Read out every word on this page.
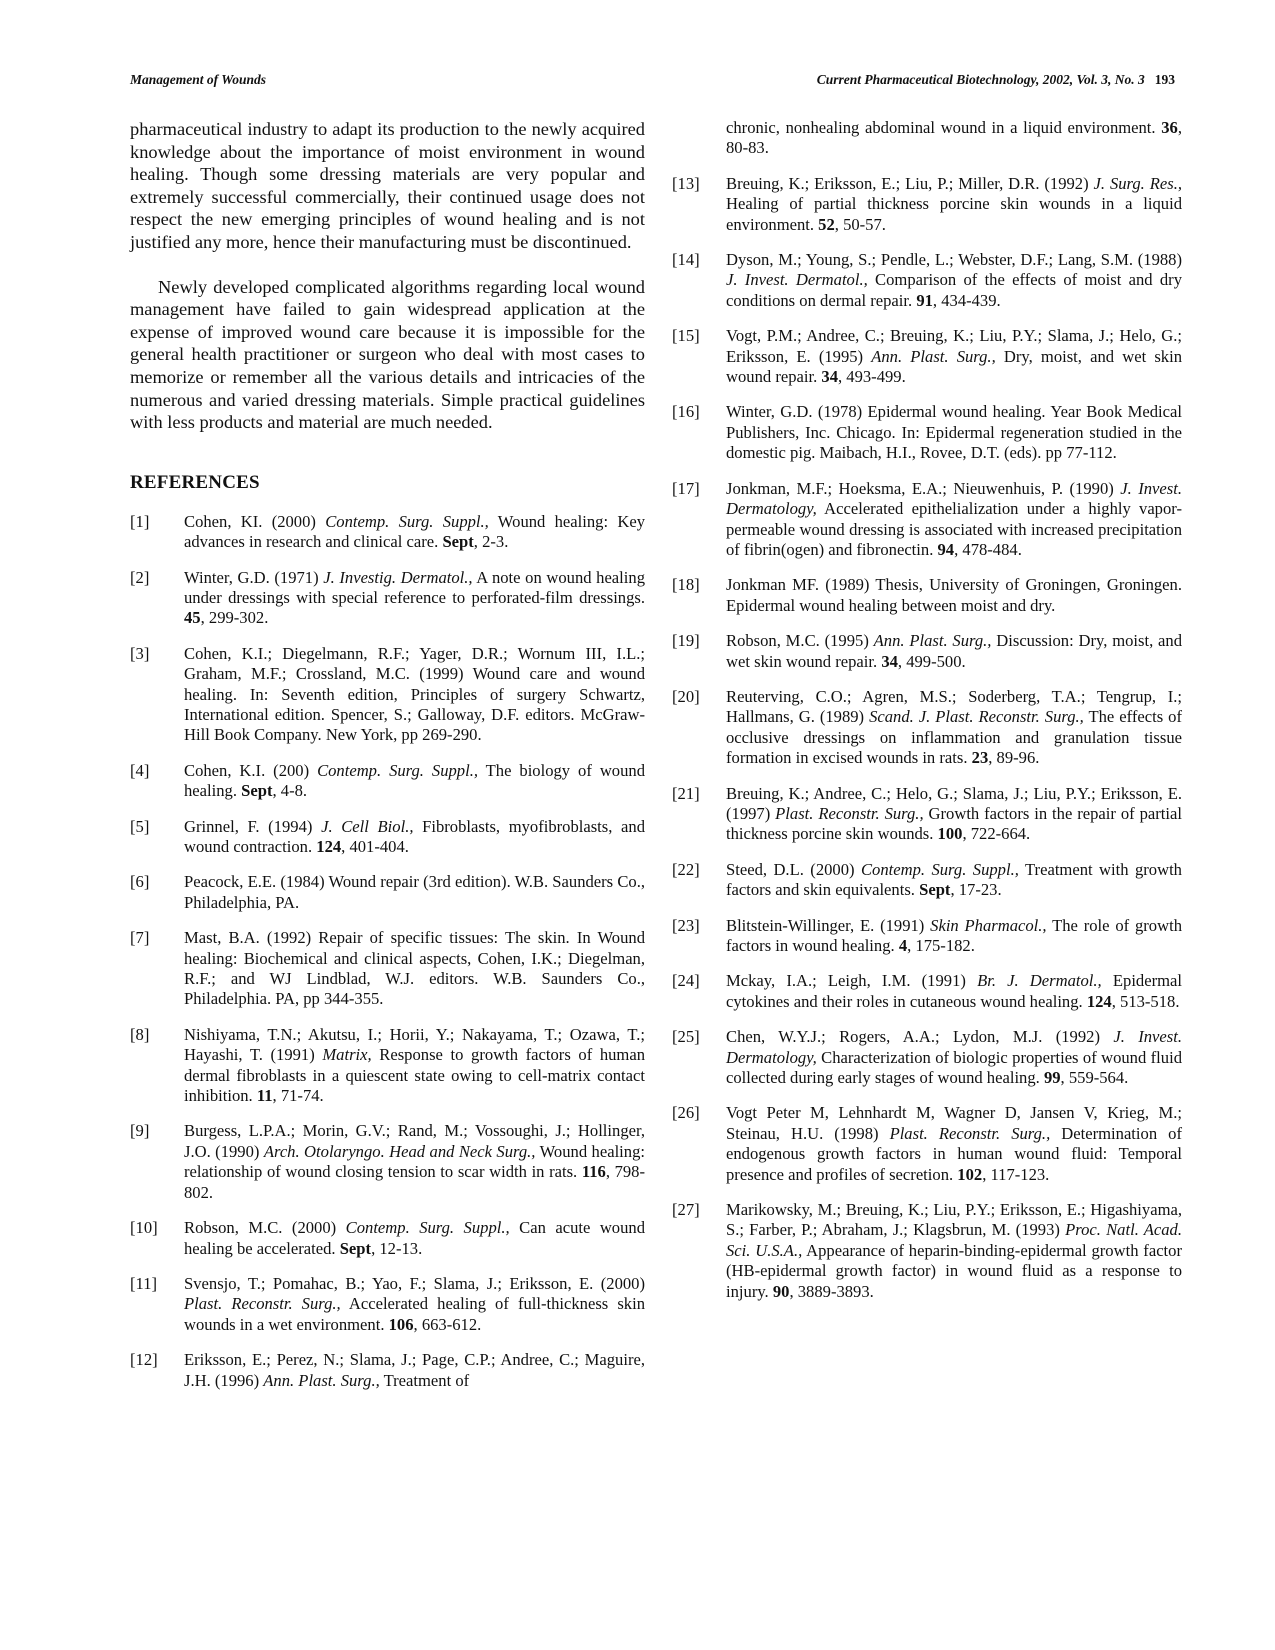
Management of Wounds	Current Pharmaceutical Biotechnology, 2002, Vol. 3, No. 3 193

pharmaceutical industry to adapt its production to the newly acquired knowledge about the importance of moist environment in wound healing. Though some dressing materials are very popular and extremely successful commercially, their continued usage does not respect the new emerging principles of wound healing and is not justified any more, hence their manufacturing must be discontinued.

Newly developed complicated algorithms regarding local wound management have failed to gain widespread application at the expense of improved wound care because it is impossible for the general health practitioner or surgeon who deal with most cases to memorize or remember all the various details and intricacies of the numerous and varied dressing materials. Simple practical guidelines with less products and material are much needed.

REFERENCES
[1]	Cohen, KI. (2000) Contemp. Surg. Suppl., Wound healing: Key advances in research and clinical care. Sept, 2-3.
[2]	Winter, G.D. (1971) J. Investig. Dermatol., A note on wound healing under dressings with special reference to perforated-film dressings. 45, 299-302.
[3]	Cohen, K.I.; Diegelmann, R.F.; Yager, D.R.; Wornum III, I.L.; Graham, M.F.; Crossland, M.C. (1999) Wound care and wound healing. In: Seventh edition, Principles of surgery Schwartz, International edition. Spencer, S.; Galloway, D.F. editors. McGraw-Hill Book Company. New York, pp 269-290.
[4]	Cohen, K.I. (200) Contemp. Surg. Suppl., The biology of wound healing. Sept, 4-8.
[5]	Grinnel, F. (1994) J. Cell Biol., Fibroblasts, myofibroblasts, and wound contraction. 124, 401-404.
[6]	Peacock, E.E. (1984) Wound repair (3rd edition). W.B. Saunders Co., Philadelphia, PA.
[7]	Mast, B.A. (1992) Repair of specific tissues: The skin. In Wound healing: Biochemical and clinical aspects, Cohen, I.K.; Diegelman, R.F.; and WJ Lindblad, W.J. editors. W.B. Saunders Co., Philadelphia. PA, pp 344-355.
[8]	Nishiyama, T.N.; Akutsu, I.; Horii, Y.; Nakayama, T.; Ozawa, T.; Hayashi, T. (1991) Matrix, Response to growth factors of human dermal fibroblasts in a quiescent state owing to cell-matrix contact inhibition. 11, 71-74.
[9]	Burgess, L.P.A.; Morin, G.V.; Rand, M.; Vossoughi, J.; Hollinger, J.O. (1990) Arch. Otolaryngo. Head and Neck Surg., Wound healing: relationship of wound closing tension to scar width in rats. 116, 798-802.
[10]	Robson, M.C. (2000) Contemp. Surg. Suppl., Can acute wound healing be accelerated. Sept, 12-13.
[11]	Svensjo, T.; Pomahac, B.; Yao, F.; Slama, J.; Eriksson, E. (2000) Plast. Reconstr. Surg., Accelerated healing of full-thickness skin wounds in a wet environment. 106, 663-612.
[12]	Eriksson, E.; Perez, N.; Slama, J.; Page, C.P.; Andree, C.; Maguire, J.H. (1996) Ann. Plast. Surg., Treatment of
chronic, nonhealing abdominal wound in a liquid environment. 36, 80-83.
[13]	Breuing, K.; Eriksson, E.; Liu, P.; Miller, D.R. (1992) J. Surg. Res., Healing of partial thickness porcine skin wounds in a liquid environment. 52, 50-57.
[14]	Dyson, M.; Young, S.; Pendle, L.; Webster, D.F.; Lang, S.M. (1988) J. Invest. Dermatol., Comparison of the effects of moist and dry conditions on dermal repair. 91, 434-439.
[15]	Vogt, P.M.; Andree, C.; Breuing, K.; Liu, P.Y.; Slama, J.; Helo, G.; Eriksson, E. (1995) Ann. Plast. Surg., Dry, moist, and wet skin wound repair. 34, 493-499.
[16]	Winter, G.D. (1978) Epidermal wound healing. Year Book Medical Publishers, Inc. Chicago. In: Epidermal regeneration studied in the domestic pig. Maibach, H.I., Rovee, D.T. (eds). pp 77-112.
[17]	Jonkman, M.F.; Hoeksma, E.A.; Nieuwenhuis, P. (1990) J. Invest. Dermatology, Accelerated epithelialization under a highly vapor-permeable wound dressing is associated with increased precipitation of fibrin(ogen) and fibronectin. 94, 478-484.
[18]	Jonkman MF. (1989) Thesis, University of Groningen, Groningen. Epidermal wound healing between moist and dry.
[19]	Robson, M.C. (1995) Ann. Plast. Surg., Discussion: Dry, moist, and wet skin wound repair. 34, 499-500.
[20]	Reuterving, C.O.; Agren, M.S.; Soderberg, T.A.; Tengrup, I.; Hallmans, G. (1989) Scand. J. Plast. Reconstr. Surg., The effects of occlusive dressings on inflammation and granulation tissue formation in excised wounds in rats. 23, 89-96.
[21]	Breuing, K.; Andree, C.; Helo, G.; Slama, J.; Liu, P.Y.; Eriksson, E. (1997) Plast. Reconstr. Surg., Growth factors in the repair of partial thickness porcine skin wounds. 100, 722-664.
[22]	Steed, D.L. (2000) Contemp. Surg. Suppl., Treatment with growth factors and skin equivalents. Sept, 17-23.
[23]	Blitstein-Willinger, E. (1991) Skin Pharmacol., The role of growth factors in wound healing. 4, 175-182.
[24]	Mckay, I.A.; Leigh, I.M. (1991) Br. J. Dermatol., Epidermal cytokines and their roles in cutaneous wound healing. 124, 513-518.
[25]	Chen, W.Y.J.; Rogers, A.A.; Lydon, M.J. (1992) J. Invest. Dermatology, Characterization of biologic properties of wound fluid collected during early stages of wound healing. 99, 559-564.
[26]	Vogt Peter M, Lehnhardt M, Wagner D, Jansen V, Krieg, M.; Steinau, H.U. (1998) Plast. Reconstr. Surg., Determination of endogenous growth factors in human wound fluid: Temporal presence and profiles of secretion. 102, 117-123.
[27]	Marikowsky, M.; Breuing, K.; Liu, P.Y.; Eriksson, E.; Higashiyama, S.; Farber, P.; Abraham, J.; Klagsbrun, M. (1993) Proc. Natl. Acad. Sci. U.S.A., Appearance of heparin-binding-epidermal growth factor (HB-epidermal growth factor) in wound fluid as a response to injury. 90, 3889-3893.
